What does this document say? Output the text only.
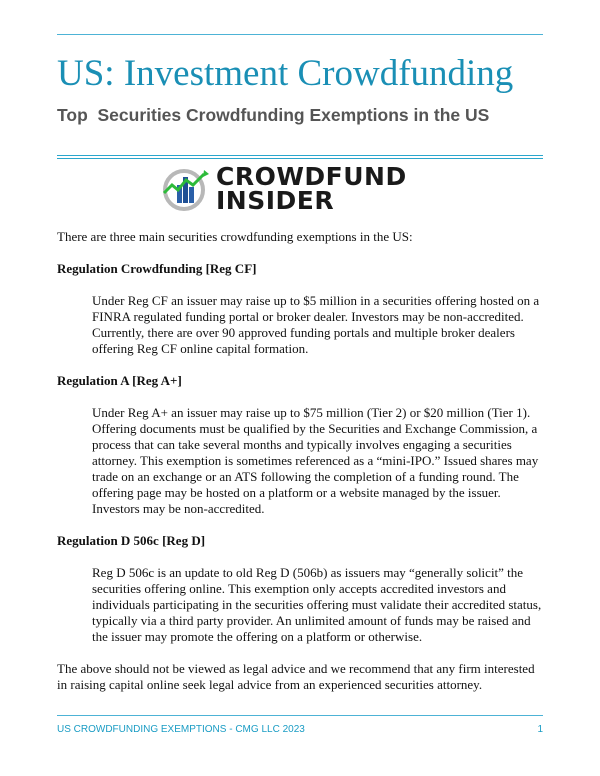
US: Investment Crowdfunding
Top  Securities Crowdfunding Exemptions in the US
CROWDFUND
INSIDER

There are three main securities crowdfunding exemptions in the US:

Regulation Crowdfunding [Reg CF]

Under Reg CF an issuer may raise up to $5 million in a securities offering hosted on a FINRA regulated funding portal or broker dealer. Investors may be non-accredited. Currently, there are over 90 approved funding portals and multiple broker dealers offering Reg CF online capital formation.

Regulation A [Reg A+]

Under Reg A+ an issuer may raise up to $75 million (Tier 2) or $20 million (Tier 1). Offering documents must be qualified by the Securities and Exchange Commission, a process that can take several months and typically involves engaging a securities attorney. This exemption is sometimes referenced as a “mini-IPO.” Issued shares may trade on an exchange or an ATS following the completion of a funding round. The offering page may be hosted on a platform or a website managed by the issuer. Investors may be non-accredited.

Regulation D 506c [Reg D]

Reg D 506c is an update to old Reg D (506b) as issuers may “generally solicit” the securities offering online. This exemption only accepts accredited investors and individuals participating in the securities offering must validate their accredited status, typically via a third party provider. An unlimited amount of funds may be raised and the issuer may promote the offering on a platform or otherwise.

The above should not be viewed as legal advice and we recommend that any firm interested in raising capital online seek legal advice from an experienced securities attorney.

US CROWDFUNDING EXEMPTIONS - CMG LLC 2023	1
